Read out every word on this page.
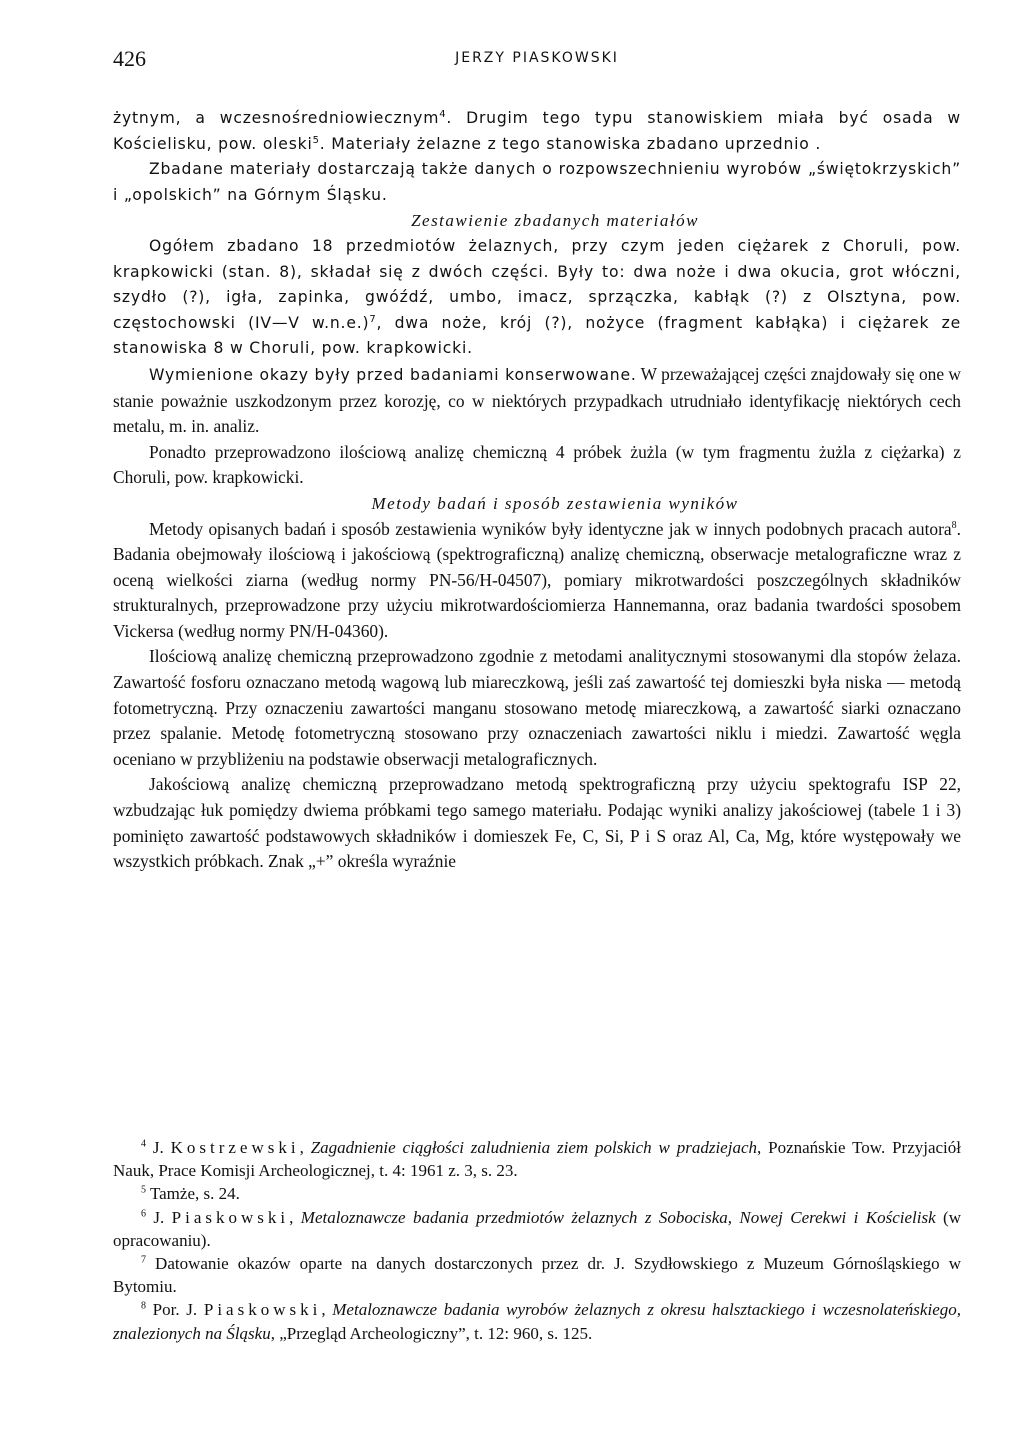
426	JERZY PIASKOWSKI

żytnym, a wczesnośredniowiecznym$^4$. Drugim tego typu stanowiskiem miała być osada w Kościelisku, pow. oleski$^5$. Materiały żelazne z tego stanowiska zbadano uprzednio .

Zbadane materiały dostarczają także danych o rozpowszechnieniu wyrobów „świętokrzyskich” i „opolskich” na Górnym Śląsku.

Zestawienie zbadanych materiałów

Ogółem zbadano 18 przedmiotów żelaznych, przy czym jeden ciężarek z Choruli, pow. krapkowicki (stan. 8), składał się z dwóch części. Były to: dwa noże i dwa okucia, grot włóczni, szydło (?), igła, zapinka, gwóźdź, umbo, imacz, sprzączka, kabłąk (?) z Olsztyna, pow. częstochowski (IV—V w.n.e.)$^7$, dwa noże, krój (?), nożyce (fragment kabłąka) i ciężarek ze stanowiska 8 w Choruli, pow. krapkowicki.

Wymienione okazy były przed badaniami konserwowane. W przeważającej części znajdowały się one w stanie poważnie uszkodzonym przez korozję, co w niektórych przypadkach utrudniało identyfikację niektórych cech metalu, m. in. analiz.

Ponadto przeprowadzono ilościową analizę chemiczną 4 próbek żużla (w tym fragmentu żużla z ciężarka) z Choruli, pow. krapkowicki.

Metody badań i sposób zestawienia wyników

Metody opisanych badań i sposób zestawienia wyników były identyczne jak w innych podobnych pracach autora$^8$. Badania obejmowały ilościową i jakościową (spektrograficzną) analizę chemiczną, obserwacje metalograficzne wraz z oceną wielkości ziarna (według normy PN-56/H-04507), pomiary mikrotwardości poszczególnych składników strukturalnych, przeprowadzone przy użyciu mikrotwardościomierza Hannemanna, oraz badania twardości sposobem Vickersa (według normy PN/H-04360).

Ilościową analizę chemiczną przeprowadzono zgodnie z metodami analitycznymi stosowanymi dla stopów żelaza. Zawartość fosforu oznaczano metodą wagową lub miareczkową, jeśli zaś zawartość tej domieszki była niska — metodą fotometryczną. Przy oznaczeniu zawartości manganu stosowano metodę miareczkową, a zawartość siarki oznaczano przez spalanie. Metodę fotometryczną stosowano przy oznaczeniach zawartości niklu i miedzi. Zawartość węgla oceniano w przybliżeniu na podstawie obserwacji metalograficznych.

Jakościową analizę chemiczną przeprowadzano metodą spektrograficzną przy użyciu spektografu ISP 22, wzbudzając łuk pomiędzy dwiema próbkami tego samego materiału. Podając wyniki analizy jakościowej (tabele 1 i 3) pominięto zawartość podstawowych składników i domieszek Fe, C, Si, P i S oraz Al, Ca, Mg, które występowały we wszystkich próbkach. Znak „+” określa wyraźnie

$^4$ J. Kostrzewski, Zagadnienie ciągłości zaludnienia ziem polskich w pradziejach, Poznańskie Tow. Przyjaciół Nauk, Prace Komisji Archeologicznej, t. 4: 1961 z. 3, s. 23.

$^5$ Tamże, s. 24.

$^6$ J. Piaskowski, Metaloznawcze badania przedmiotów żelaznych z Sobociska, Nowej Cerekwi i Kościelisk (w opracowaniu).

$^7$ Datowanie okazów oparte na danych dostarczonych przez dr. J. Szydłowskiego z Muzeum Górnośląskiego w Bytomiu.

$^8$ Por. J. Piaskowski, Metaloznawcze badania wyrobów żelaznych z okresu halsztackiego i wczesnolateńskiego, znalezionych na Śląsku, „Przegląd Archeologiczny”, t. 12: 960, s. 125.
